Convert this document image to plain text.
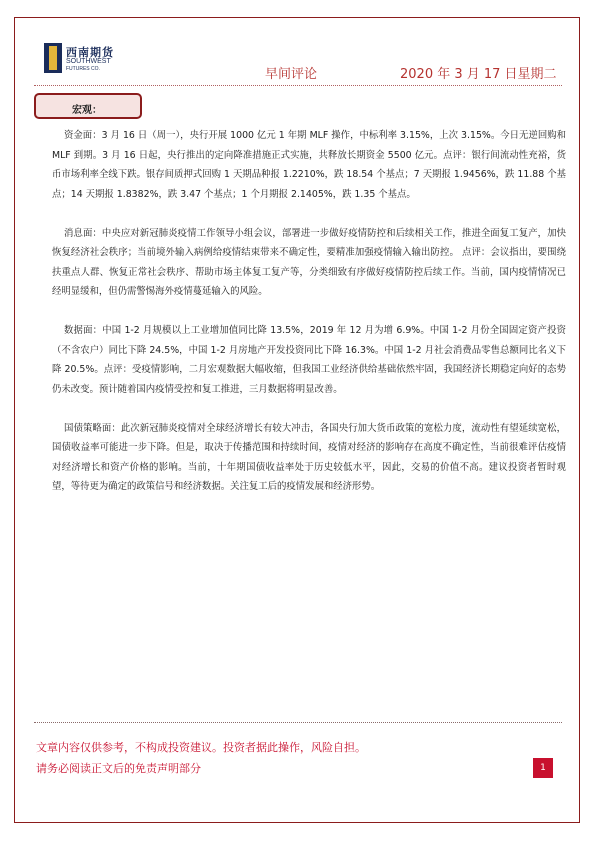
西南期货
SOUTHWEST
FUTURES CO.	早间评论	2020 年 3 月 17 日星期二
宏观：

资金面：3 月 16 日（周一），央行开展 1000 亿元 1 年期 MLF 操作，中标利率 3.15%，上次 3.15%。今日无逆回购和 MLF 到期。3 月 16 日起，央行推出的定向降准措施正式实施，共释放长期资金 5500 亿元。点评：银行间流动性充裕，货币市场利率全线下跌。银存间质押式回购 1 天期品种报 1.2210%，跌 18.54 个基点；7 天期报 1.9456%，跌 11.88 个基点；14 天期报 1.8382%，跌 3.47 个基点；1 个月期报 2.1405%，跌 1.35 个基点。

消息面：中央应对新冠肺炎疫情工作领导小组会议，部署进一步做好疫情防控和后续相关工作，推进全面复工复产，加快恢复经济社会秩序；当前境外输入病例给疫情结束带来不确定性，要精准加强疫情输入输出防控。 点评：会议指出，要围绕扶重点人群、恢复正常社会秩序、帮助市场主体复工复产等，分类细致有序做好疫情防控后续工作。当前，国内疫情情况已经明显缓和，但仍需警惕海外疫情蔓延输入的风险。

数据面：中国 1-2 月规模以上工业增加值同比降 13.5%，2019 年 12 月为增 6.9%。中国 1-2 月份全国固定资产投资（不含农户）同比下降 24.5%，中国 1-2 月房地产开发投资同比下降 16.3%。中国 1-2 月社会消费品零售总额同比名义下降 20.5%。点评：受疫情影响，二月宏观数据大幅收缩，但我国工业经济供给基础依然牢固，我国经济长期稳定向好的态势仍未改变。预计随着国内疫情受控和复工推进，三月数据将明显改善。

国债策略面：此次新冠肺炎疫情对全球经济增长有较大冲击，各国央行加大货币政策的宽松力度，流动性有望延续宽松，国债收益率可能进一步下降。但是，取决于传播范围和持续时间，疫情对经济的影响存在高度不确定性，当前很难评估疫情对经济增长和资产价格的影响。当前，十年期国债收益率处于历史较低水平，因此，交易的价值不高。建议投资者暂时观望，等待更为确定的政策信号和经济数据。关注复工后的疫情发展和经济形势。

文章内容仅供参考，不构成投资建议。投资者据此操作，风险自担。
请务必阅读正文后的免责声明部分	1
